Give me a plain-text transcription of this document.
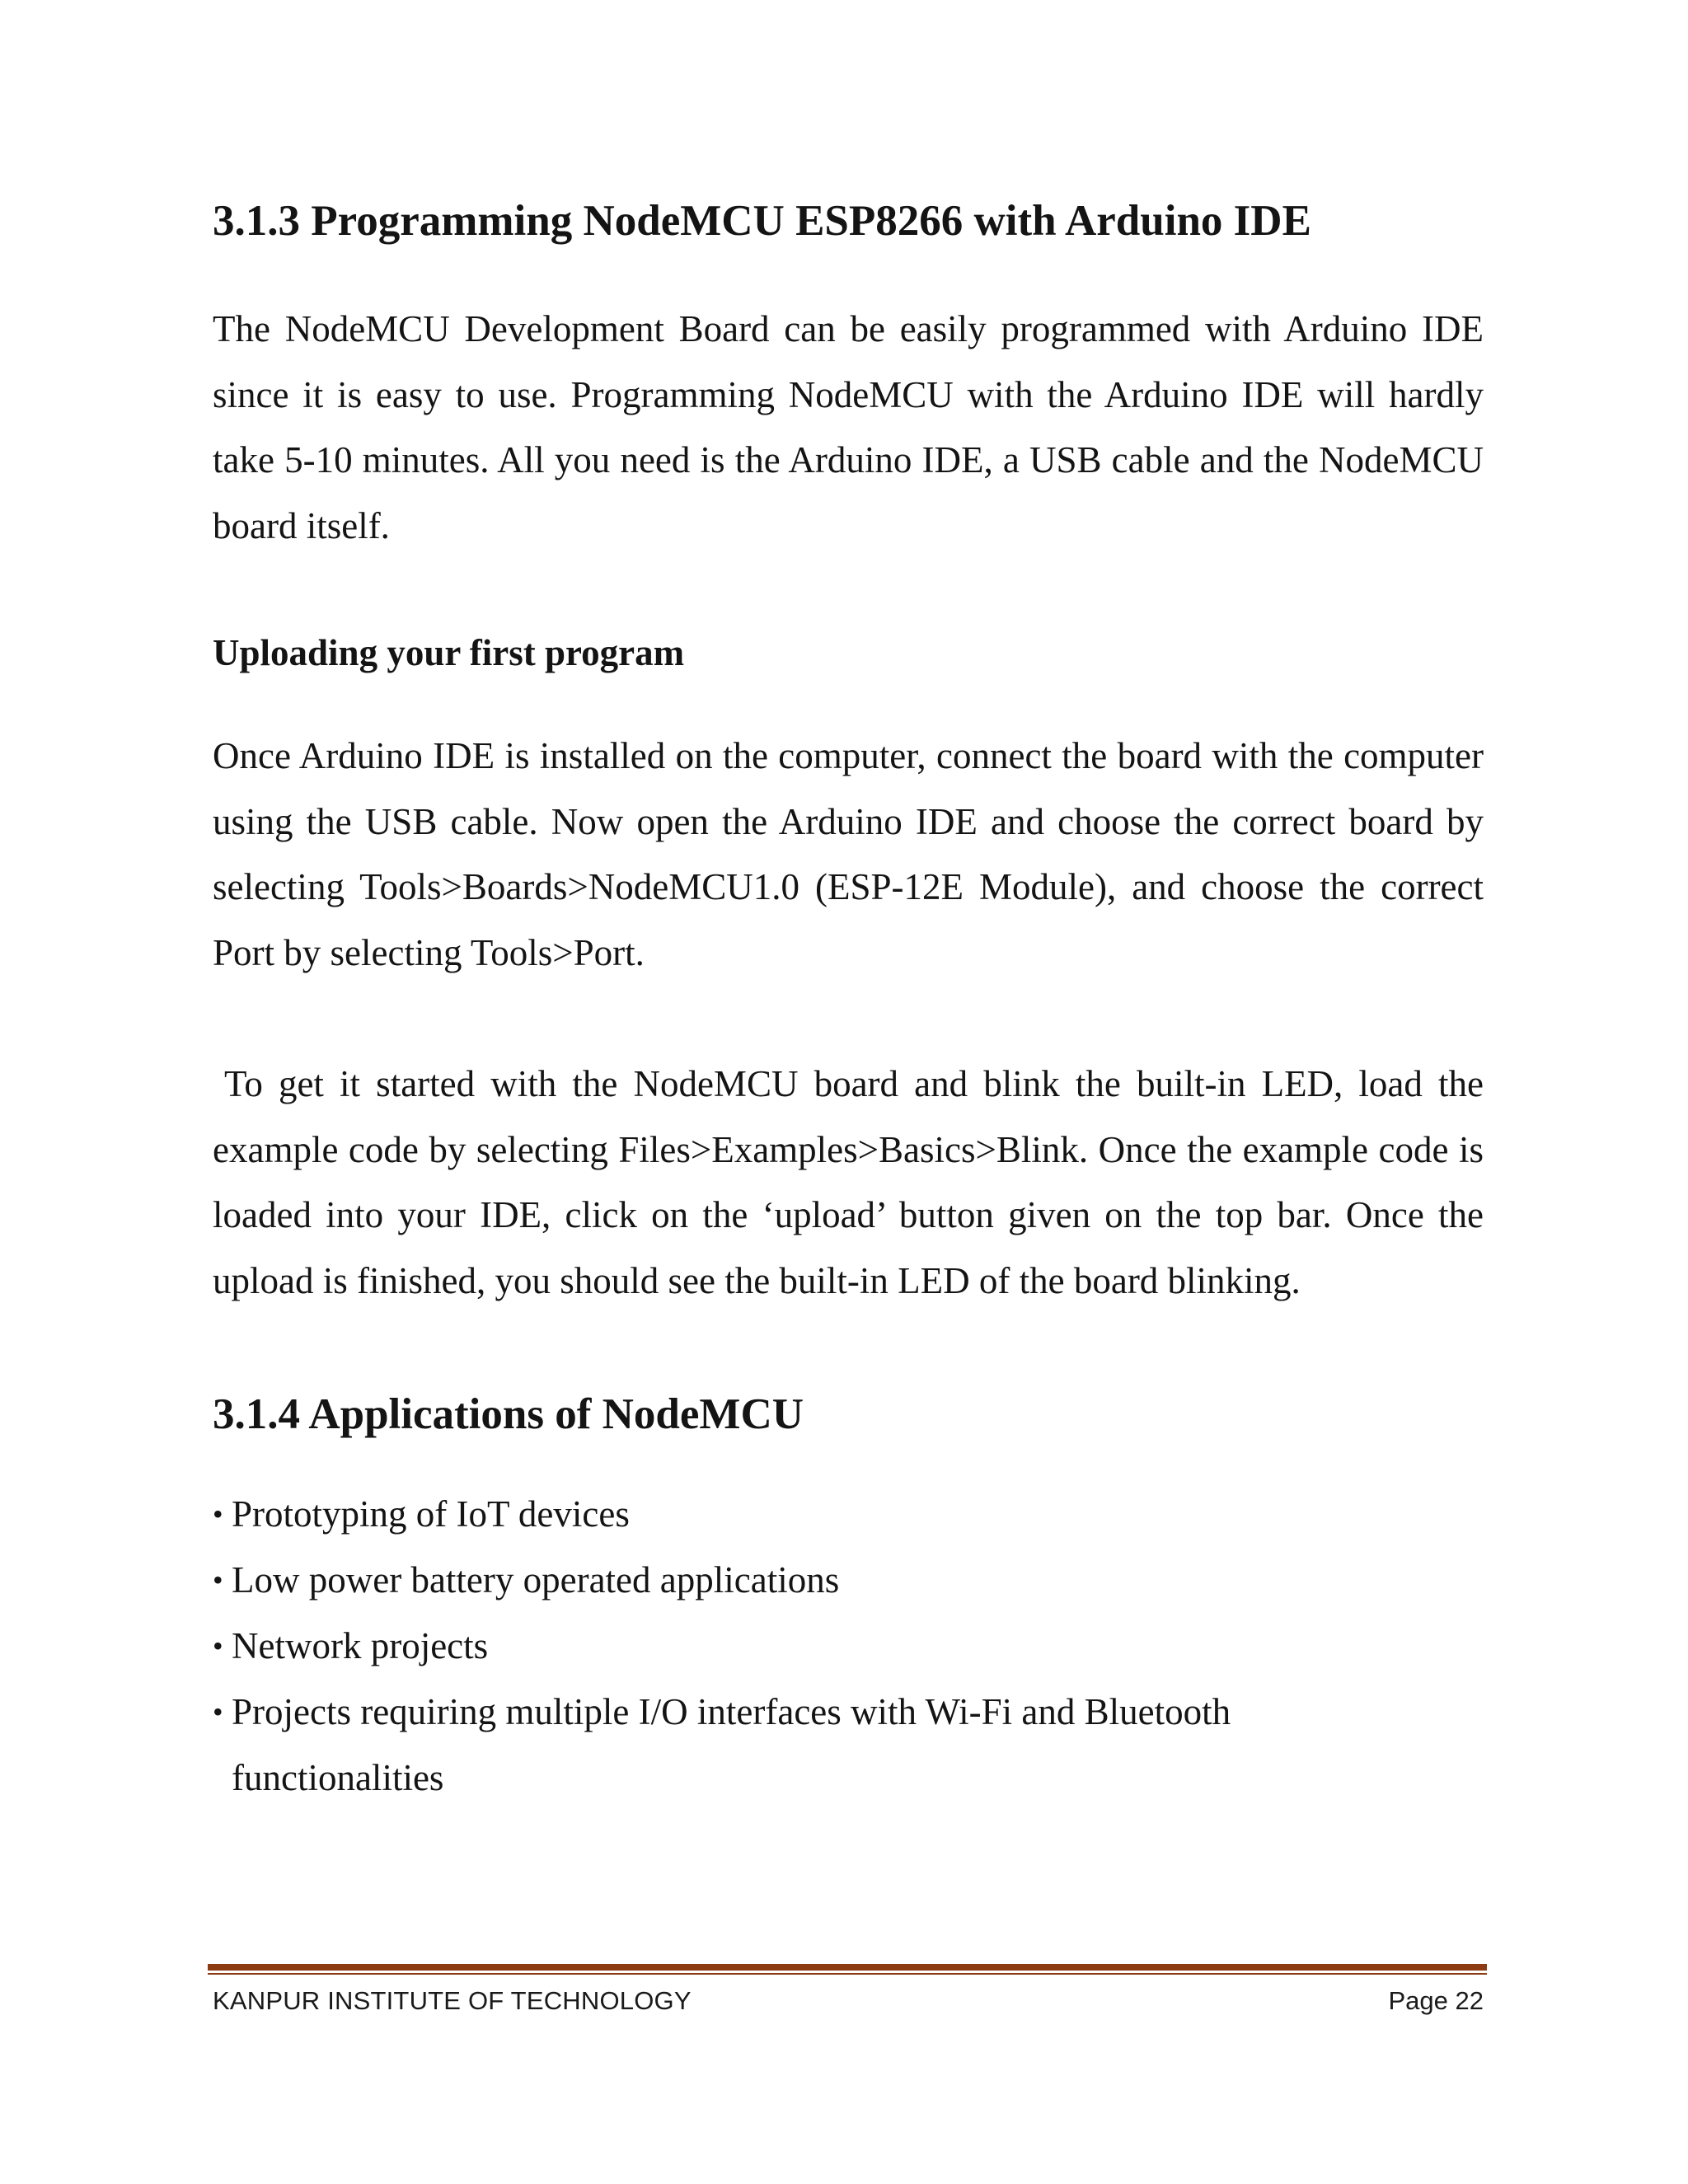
3.1.3 Programming NodeMCU ESP8266 with Arduino IDE

The NodeMCU Development Board can be easily programmed with Arduino IDE since it is easy to use. Programming NodeMCU with the Arduino IDE will hardly take 5-10 minutes. All you need is the Arduino IDE, a USB cable and the NodeMCU board itself.

Uploading your first program

Once Arduino IDE is installed on the computer, connect the board with the computer using the USB cable. Now open the Arduino IDE and choose the correct board by selecting Tools>Boards>NodeMCU1.0 (ESP-12E Module), and choose the correct Port by selecting Tools>Port.

To get it started with the NodeMCU board and blink the built-in LED, load the example code by selecting Files>Examples>Basics>Blink. Once the example code is loaded into your IDE, click on the ‘upload’ button given on the top bar. Once the upload is finished, you should see the built-in LED of the board blinking.

3.1.4 Applications of NodeMCU
• Prototyping of IoT devices
• Low power battery operated applications
• Network projects
• Projects requiring multiple I/O interfaces with Wi-Fi and Bluetooth functionalities
KANPUR INSTITUTE OF TECHNOLOGY	Page 22
